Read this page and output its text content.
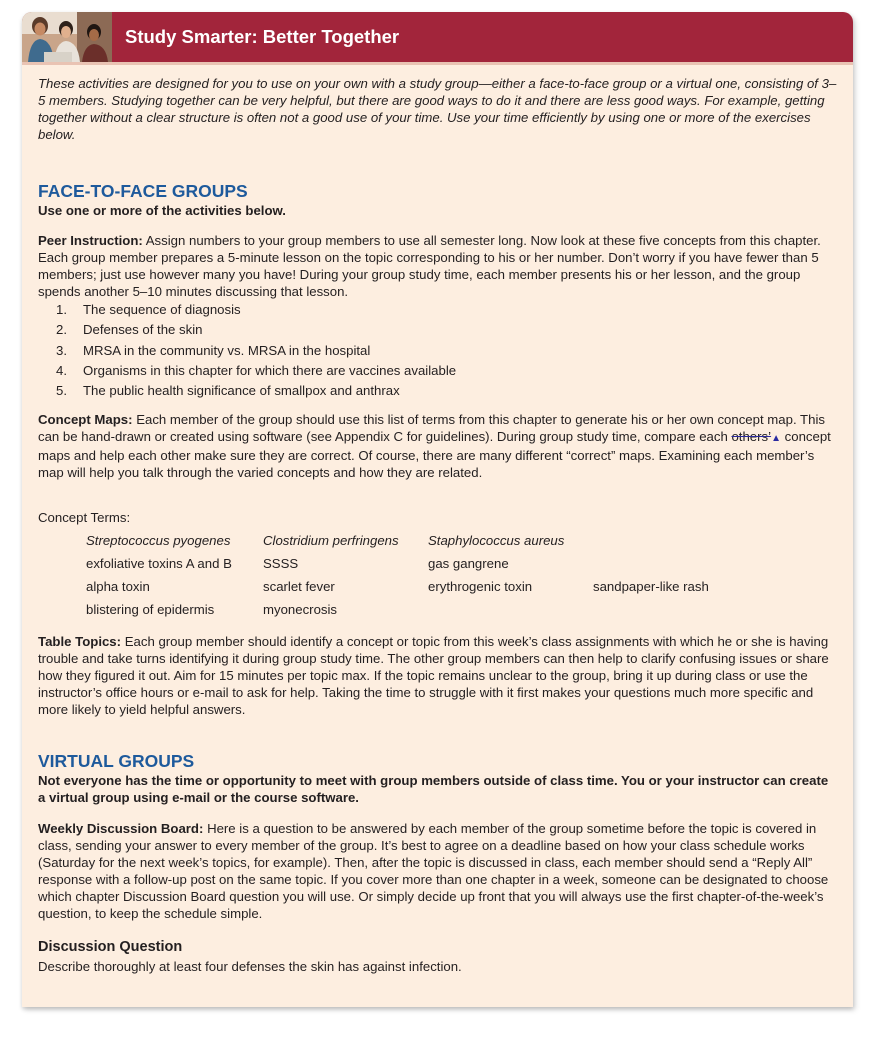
Study Smarter: Better Together

These activities are designed for you to use on your own with a study group—either a face-to-face group or a virtual one, consisting of 3–5 members. Studying together can be very helpful, but there are good ways to do it and there are less good ways. For example, getting together without a clear structure is often not a good use of your time. Use your time efficiently by using one or more of the exercises below.

FACE-TO-FACE GROUPS

Use one or more of the activities below.

Peer Instruction: Assign numbers to your group members to use all semester long. Now look at these five concepts from this chapter. Each group member prepares a 5-minute lesson on the topic corresponding to his or her number. Don’t worry if you have fewer than 5 members; just use however many you have! During your group study time, each member presents his or her lesson, and the group spends another 5–10 minutes discussing that lesson.

1. The sequence of diagnosis
2. Defenses of the skin
3. MRSA in the community vs. MRSA in the hospital
4. Organisms in this chapter for which there are vaccines available
5. The public health significance of smallpox and anthrax

Concept Maps: Each member of the group should use this list of terms from this chapter to generate his or her own concept map. This can be hand-drawn or created using software (see Appendix C for guidelines). During group study time, compare each others’▲ concept maps and help each other make sure they are correct. Of course, there are many different “correct” maps. Examining each member’s map will help you talk through the varied concepts and how they are related.

Concept Terms:
Streptococcus pyogenes	Clostridium perfringens	Staphylococcus aureus	
exfoliative toxins A and B	SSSS	gas gangrene	
alpha toxin	scarlet fever	erythrogenic toxin	sandpaper-like rash
blistering of epidermis	myonecrosis		

Table Topics: Each group member should identify a concept or topic from this week’s class assignments with which he or she is having trouble and take turns identifying it during group study time. The other group members can then help to clarify confusing issues or share how they figured it out. Aim for 15 minutes per topic max. If the topic remains unclear to the group, bring it up during class or use the instructor’s office hours or e-mail to ask for help. Taking the time to struggle with it first makes your questions much more specific and more likely to yield helpful answers.

VIRTUAL GROUPS

Not everyone has the time or opportunity to meet with group members outside of class time. You or your instructor can create a virtual group using e-mail or the course software.

Weekly Discussion Board: Here is a question to be answered by each member of the group sometime before the topic is covered in class, sending your answer to every member of the group. It’s best to agree on a deadline based on how your class schedule works (Saturday for the next week’s topics, for example). Then, after the topic is discussed in class, each member should send a “Reply All” response with a follow-up post on the same topic. If you cover more than one chapter in a week, someone can be designated to choose which chapter Discussion Board question you will use. Or simply decide up front that you will always use the first chapter-of-the-week’s question, to keep the schedule simple.

Discussion Question

Describe thoroughly at least four defenses the skin has against infection.
